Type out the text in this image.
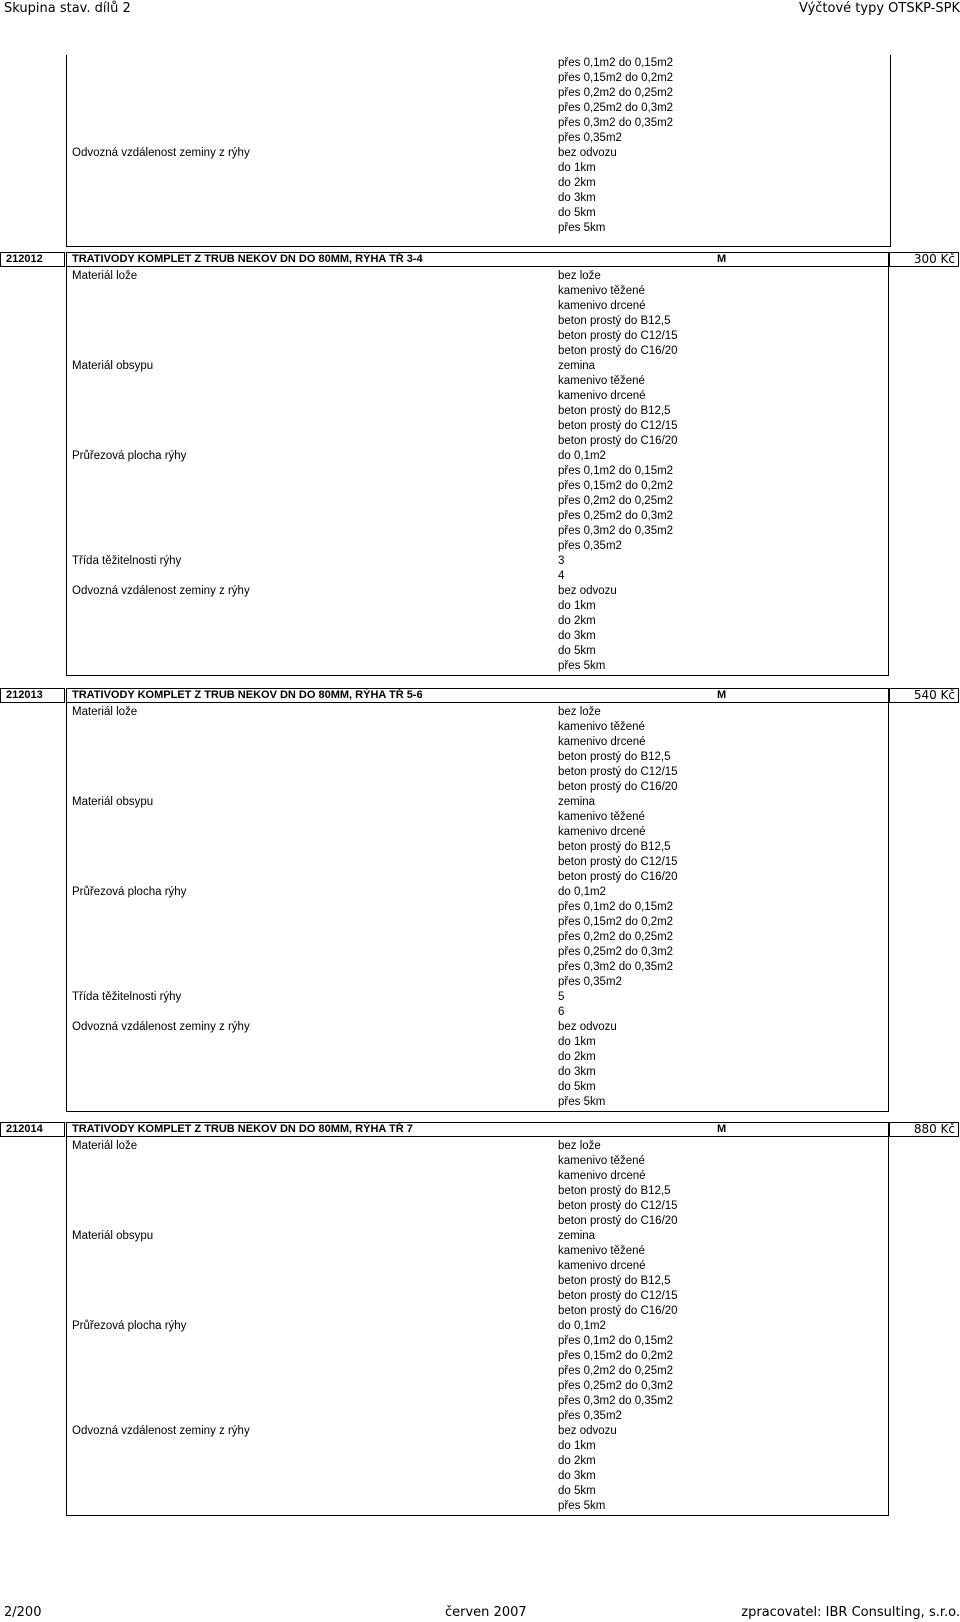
Skupina stav. dílů 2	Výčtové typy OTSKP-SPK
přes 0,1m2 do 0,15m2
přes 0,15m2 do 0,2m2
přes 0,2m2 do 0,25m2
přes 0,25m2 do 0,3m2
přes 0,3m2 do 0,35m2
přes 0,35m2
Odvozná vzdálenost zeminy z rýhy	bez odvozu
do 1km
do 2km
do 3km
do 5km
přes 5km
212012	TRATIVODY KOMPLET Z TRUB NEKOV DN DO 80MM, RÝHA TŘ 3-4	M	300 Kč
Materiál lože	bez lože
kamenivo těžené
kamenivo drcené
beton prostý do B12,5
beton prostý do C12/15
beton prostý do C16/20
Materiál obsypu	zemina
kamenivo těžené
kamenivo drcené
beton prostý do B12,5
beton prostý do C12/15
beton prostý do C16/20
Průřezová plocha rýhy	do 0,1m2
přes 0,1m2 do 0,15m2
přes 0,15m2 do 0,2m2
přes 0,2m2 do 0,25m2
přes 0,25m2 do 0,3m2
přes 0,3m2 do 0,35m2
přes 0,35m2
Třída těžitelnosti rýhy	3
4
Odvozná vzdálenost zeminy z rýhy	bez odvozu
do 1km
do 2km
do 3km
do 5km
přes 5km
212013	TRATIVODY KOMPLET Z TRUB NEKOV DN DO 80MM, RÝHA TŘ 5-6	M	540 Kč
Materiál lože	bez lože
kamenivo těžené
kamenivo drcené
beton prostý do B12,5
beton prostý do C12/15
beton prostý do C16/20
Materiál obsypu	zemina
kamenivo těžené
kamenivo drcené
beton prostý do B12,5
beton prostý do C12/15
beton prostý do C16/20
Průřezová plocha rýhy	do 0,1m2
přes 0,1m2 do 0,15m2
přes 0,15m2 do 0,2m2
přes 0,2m2 do 0,25m2
přes 0,25m2 do 0,3m2
přes 0,3m2 do 0,35m2
přes 0,35m2
Třída těžitelnosti rýhy	5
6
Odvozná vzdálenost zeminy z rýhy	bez odvozu
do 1km
do 2km
do 3km
do 5km
přes 5km
212014	TRATIVODY KOMPLET Z TRUB NEKOV DN DO 80MM, RÝHA TŘ 7	M	880 Kč
Materiál lože	bez lože
kamenivo těžené
kamenivo drcené
beton prostý do B12,5
beton prostý do C12/15
beton prostý do C16/20
Materiál obsypu	zemina
kamenivo těžené
kamenivo drcené
beton prostý do B12,5
beton prostý do C12/15
beton prostý do C16/20
Průřezová plocha rýhy	do 0,1m2
přes 0,1m2 do 0,15m2
přes 0,15m2 do 0,2m2
přes 0,2m2 do 0,25m2
přes 0,25m2 do 0,3m2
přes 0,3m2 do 0,35m2
přes 0,35m2
Odvozná vzdálenost zeminy z rýhy	bez odvozu
do 1km
do 2km
do 3km
do 5km
přes 5km
2/200	červen 2007	zpracovatel: IBR Consulting, s.r.o.
